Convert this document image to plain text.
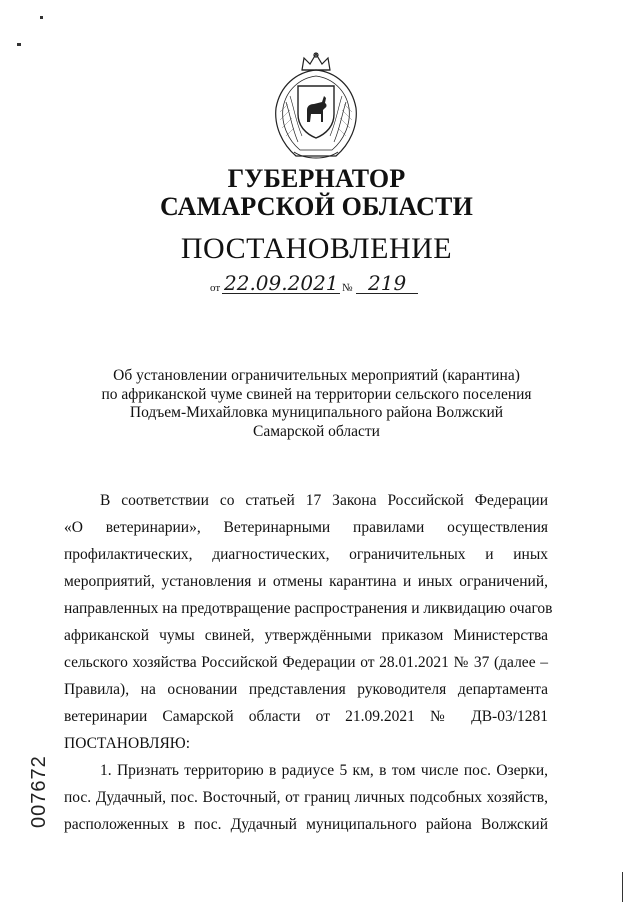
ГУБЕРНАТОР
САМАРСКОЙ ОБЛАСТИ
ПОСТАНОВЛЕНИЕ
от 22.09.2021 № 219
Об установлении ограничительных мероприятий (карантина)
по африканской чуме свиней на территории сельского поселения
Подъем-Михайловка муниципального района Волжский
Самарской области
В соответствии со статьей 17 Закона Российской Федерации
«О ветеринарии», Ветеринарными правилами осуществления
профилактических, диагностических, ограничительных и иных
мероприятий, установления и отмены карантина и иных ограничений,
направленных на предотвращение распространения и ликвидацию очагов
африканской чумы свиней, утверждёнными приказом Министерства
сельского хозяйства Российской Федерации от 28.01.2021 № 37 (далее –
Правила), на основании представления руководителя департамента
ветеринарии Самарской области от 21.09.2021 № ДВ-03/1281
ПОСТАНОВЛЯЮ:
1. Признать территорию в радиусе 5 км, в том числе пос. Озерки,
пос. Дудачный, пос. Восточный, от границ личных подсобных хозяйств,
расположенных в пос. Дудачный муниципального района Волжский
007672
